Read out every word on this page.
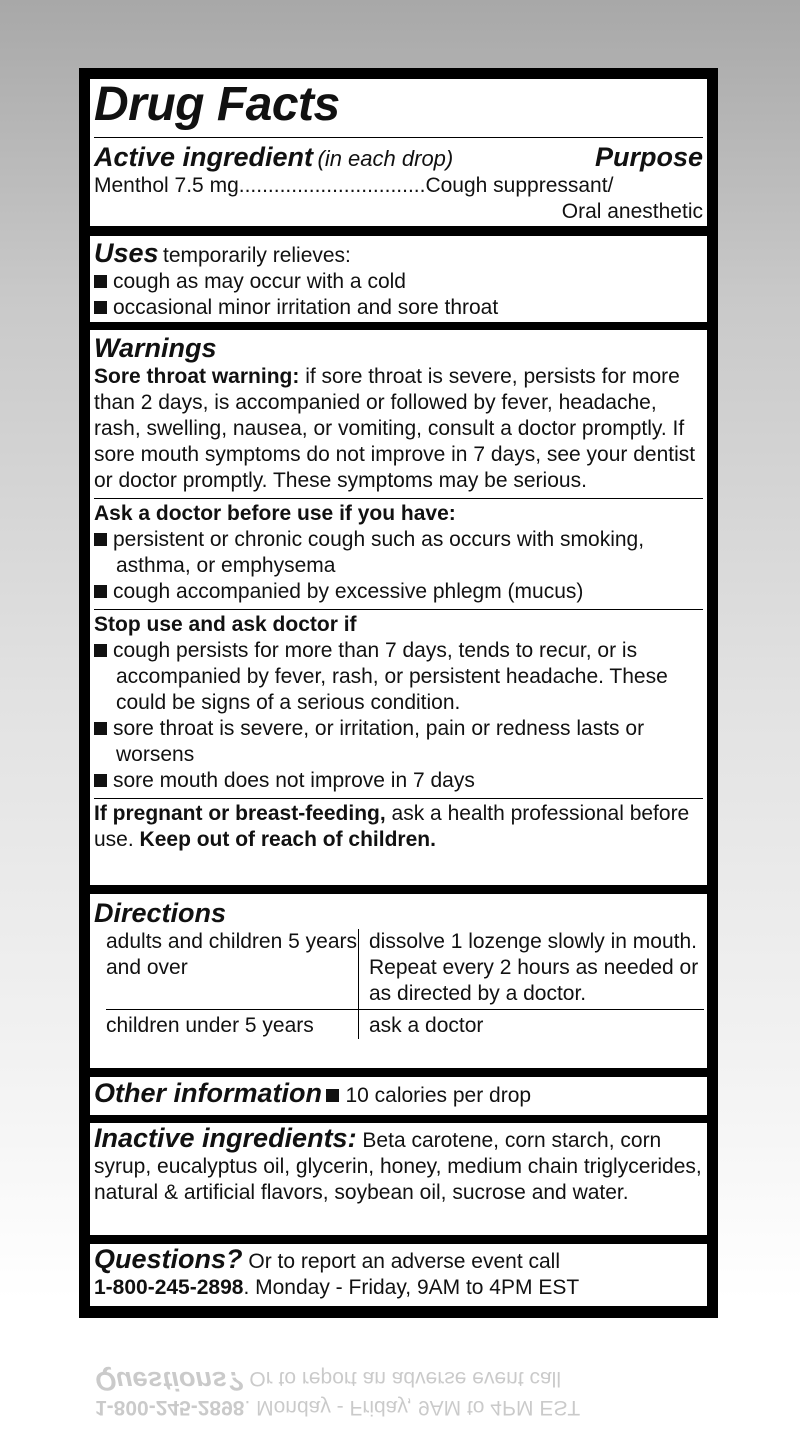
Drug Facts
Active ingredient (in each drop)	Purpose
Menthol 7.5 mg................................Cough suppressant/
Oral anesthetic
Uses temporarily relieves:
cough as may occur with a cold
occasional minor irritation and sore throat
Warnings
Sore throat warning: if sore throat is severe, persists for more than 2 days, is accompanied or followed by fever, headache, rash, swelling, nausea, or vomiting, consult a doctor promptly. If sore mouth symptoms do not improve in 7 days, see your dentist or doctor promptly. These symptoms may be serious.
Ask a doctor before use if you have:
persistent or chronic cough such as occurs with smoking, asthma, or emphysema
cough accompanied by excessive phlegm (mucus)
Stop use and ask doctor if
cough persists for more than 7 days, tends to recur, or is accompanied by fever, rash, or persistent headache. These could be signs of a serious condition.
sore throat is severe, or irritation, pain or redness lasts or worsens
sore mouth does not improve in 7 days
If pregnant or breast-feeding, ask a health professional before use. Keep out of reach of children.
Directions
adults and children 5 years and over	dissolve 1 lozenge slowly in mouth. Repeat every 2 hours as needed or as directed by a doctor.
children under 5 years	ask a doctor
Other information 10 calories per drop
Inactive ingredients: Beta carotene, corn starch, corn syrup, eucalyptus oil, glycerin, honey, medium chain triglycerides, natural & artificial flavors, soybean oil, sucrose and water.
Questions? Or to report an adverse event call
1-800-245-2898. Monday - Friday, 9AM to 4PM EST
1-800-245-2898. Monday - Friday, 9AM to 4PM EST
Questions? Or to report an adverse event call
